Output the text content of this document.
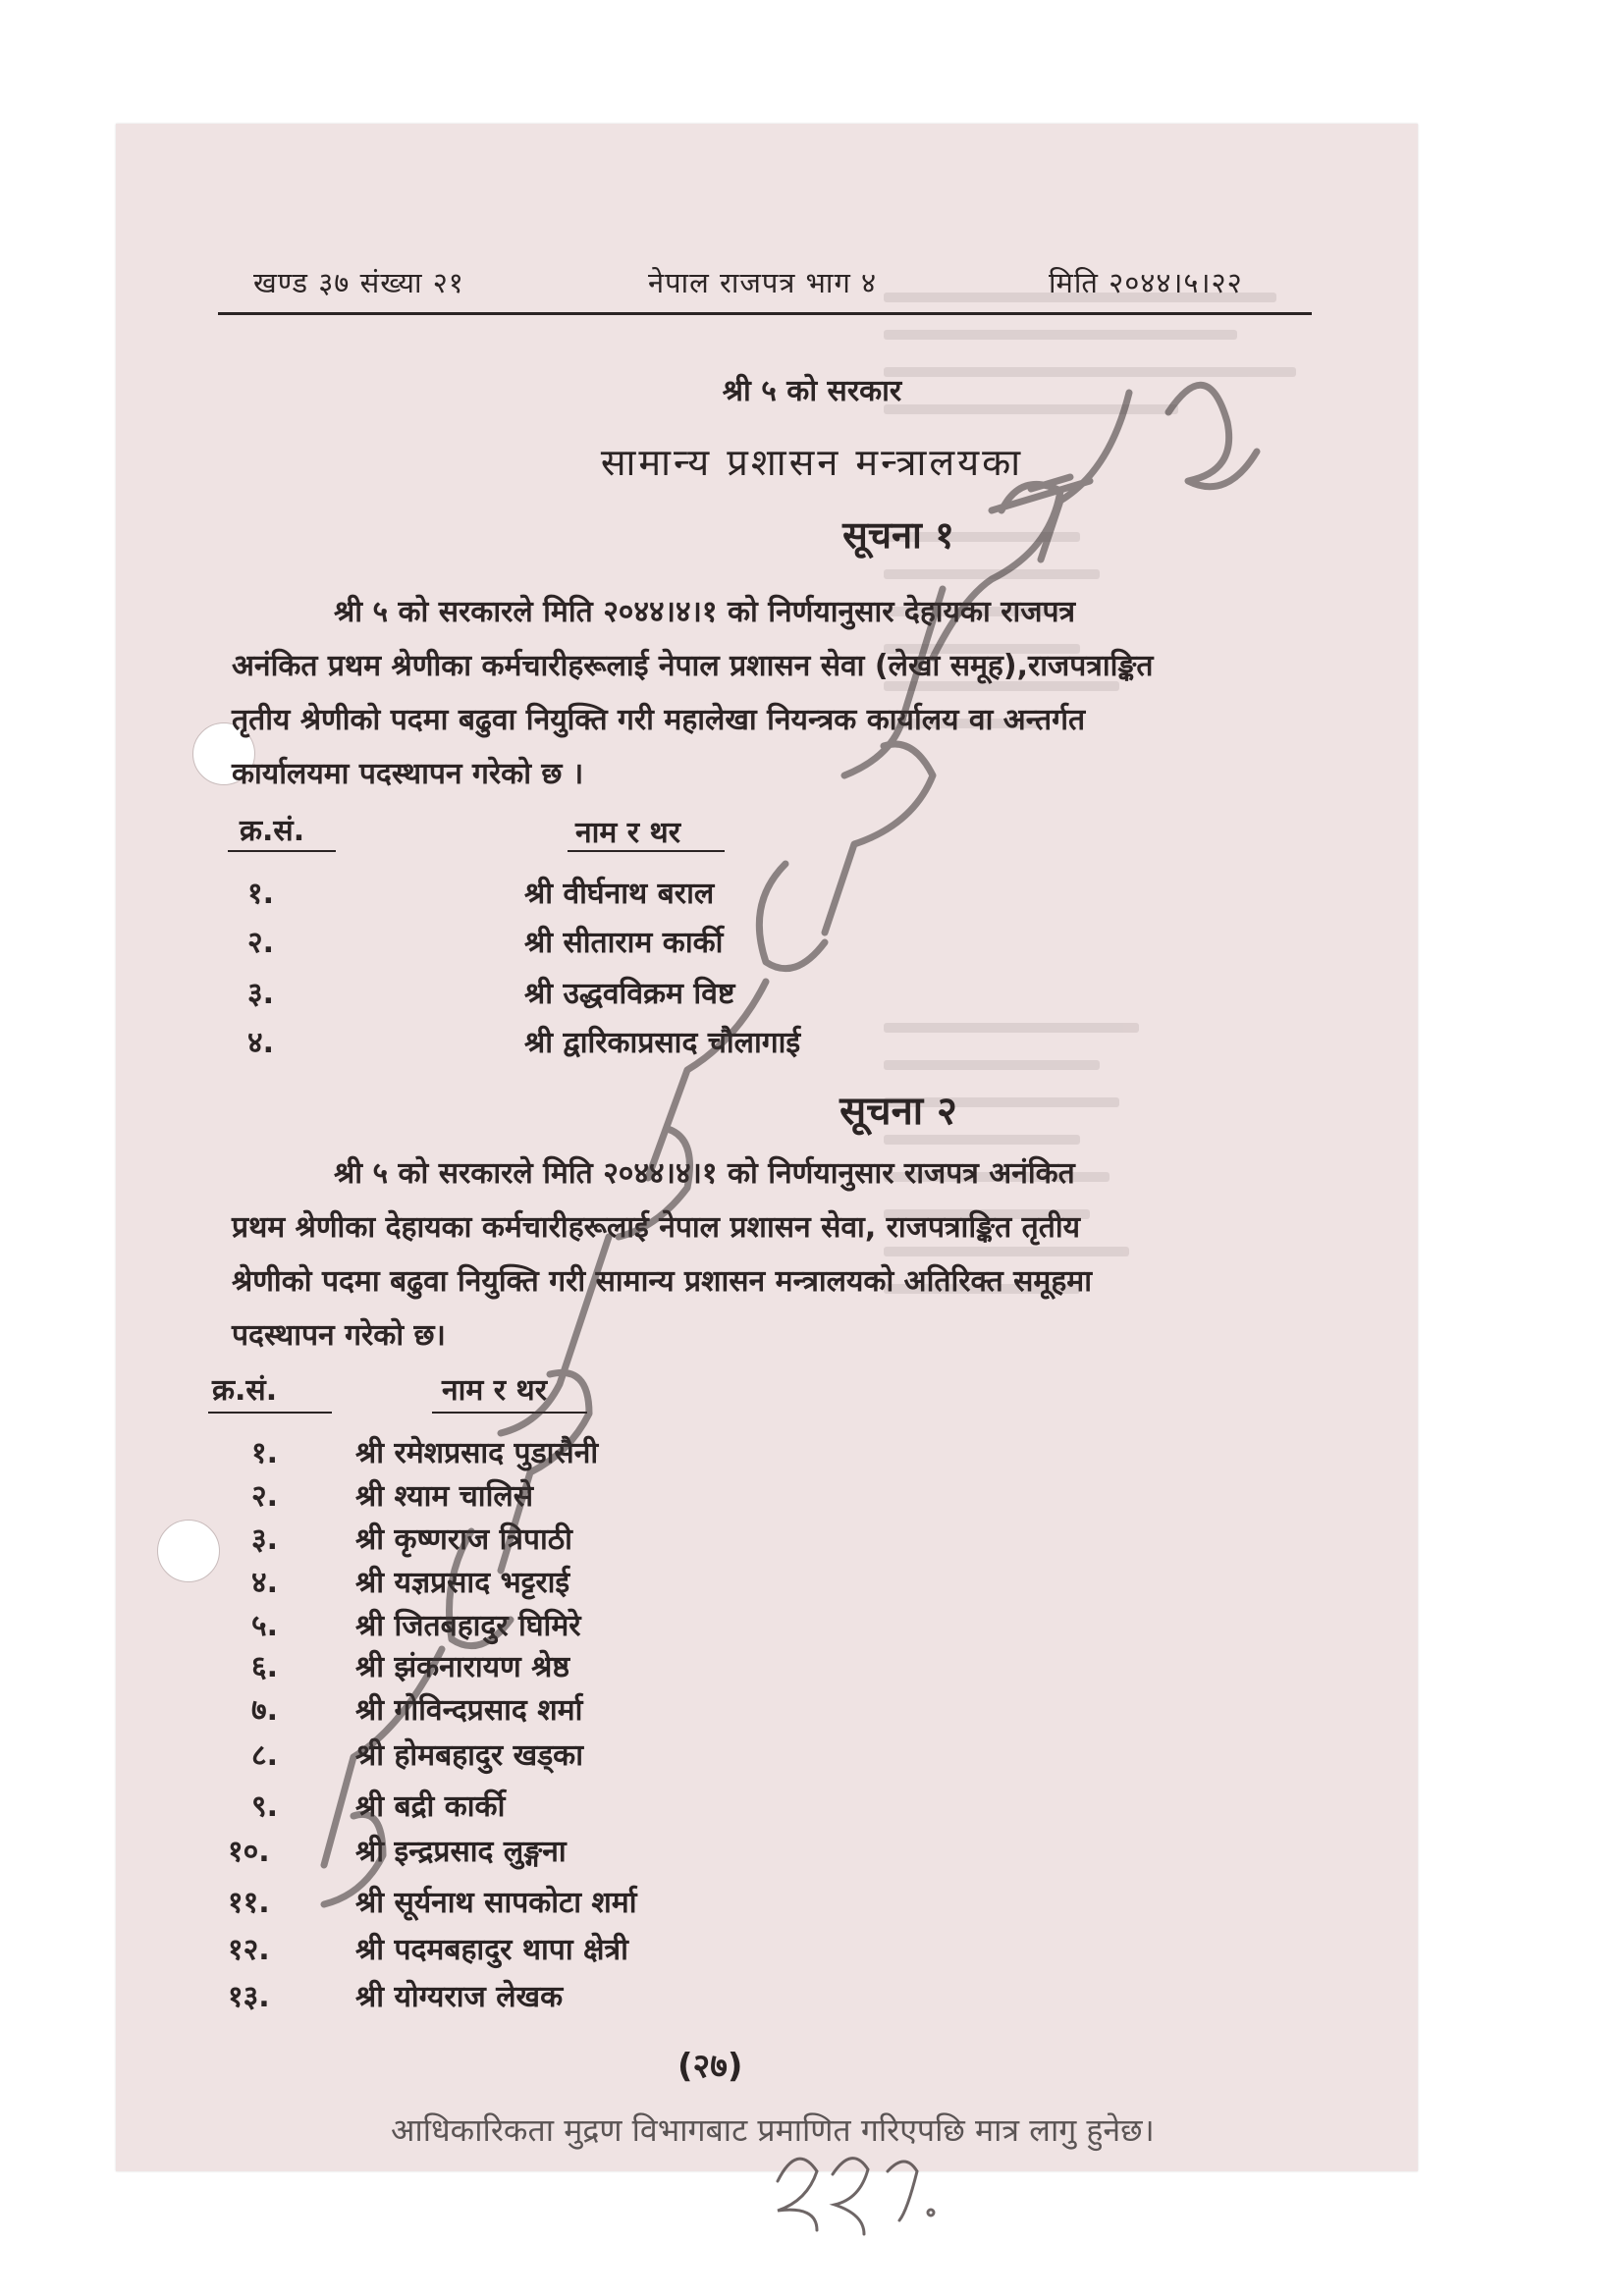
खण्ड ३७ संख्या २१	नेपाल राजपत्र भाग ४	मिति २०४४।५।२२
श्री ५ को सरकार
सामान्य प्रशासन मन्त्रालयका
सूचना १
श्री ५ को सरकारले मिति २०४४।४।१ को निर्णयानुसार देहायका राजपत्र
अनंकित प्रथम श्रेणीका कर्मचारीहरूलाई नेपाल प्रशासन सेवा (लेखा समूह),राजपत्राङ्कित
तृतीय श्रेणीको पदमा बढुवा नियुक्ति गरी महालेखा नियन्त्रक कार्यालय वा अन्तर्गत
कार्यालयमा पदस्थापन गरेको छ ।
क्र.सं.	नाम र थर
१.	श्री वीर्घनाथ बराल
२.	श्री सीताराम कार्की
३.	श्री उद्धवविक्रम विष्ट
४.	श्री द्वारिकाप्रसाद चौलागाई
सूचना २
श्री ५ को सरकारले मिति २०४४।४।१ को निर्णयानुसार राजपत्र अनंकित
प्रथम श्रेणीका देहायका कर्मचारीहरूलाई नेपाल प्रशासन सेवा, राजपत्राङ्कित तृतीय
श्रेणीको पदमा बढुवा नियुक्ति गरी सामान्य प्रशासन मन्त्रालयको अतिरिक्त समूहमा
पदस्थापन गरेको छ।
क्र.सं.	नाम र थर
१.	श्री रमेशप्रसाद पुडासैनी
२.	श्री श्याम चालिसे
३.	श्री कृष्णराज त्रिपाठी
४.	श्री यज्ञप्रसाद भट्टराई
५.	श्री जितबहादुर घिमिरे
६.	श्री झंकनारायण श्रेष्ठ
७.	श्री गोविन्दप्रसाद शर्मा
८.	श्री होमबहादुर खड्का
९.	श्री बद्री कार्की
१०.	श्री इन्द्रप्रसाद लुङ्गना
११.	श्री सूर्यनाथ सापकोटा शर्मा
१२.	श्री पदमबहादुर थापा क्षेत्री
१३.	श्री योग्यराज लेखक
(२७)
आधिकारिकता मुद्रण विभागबाट प्रमाणित गरिएपछि मात्र लागु हुनेछ।
